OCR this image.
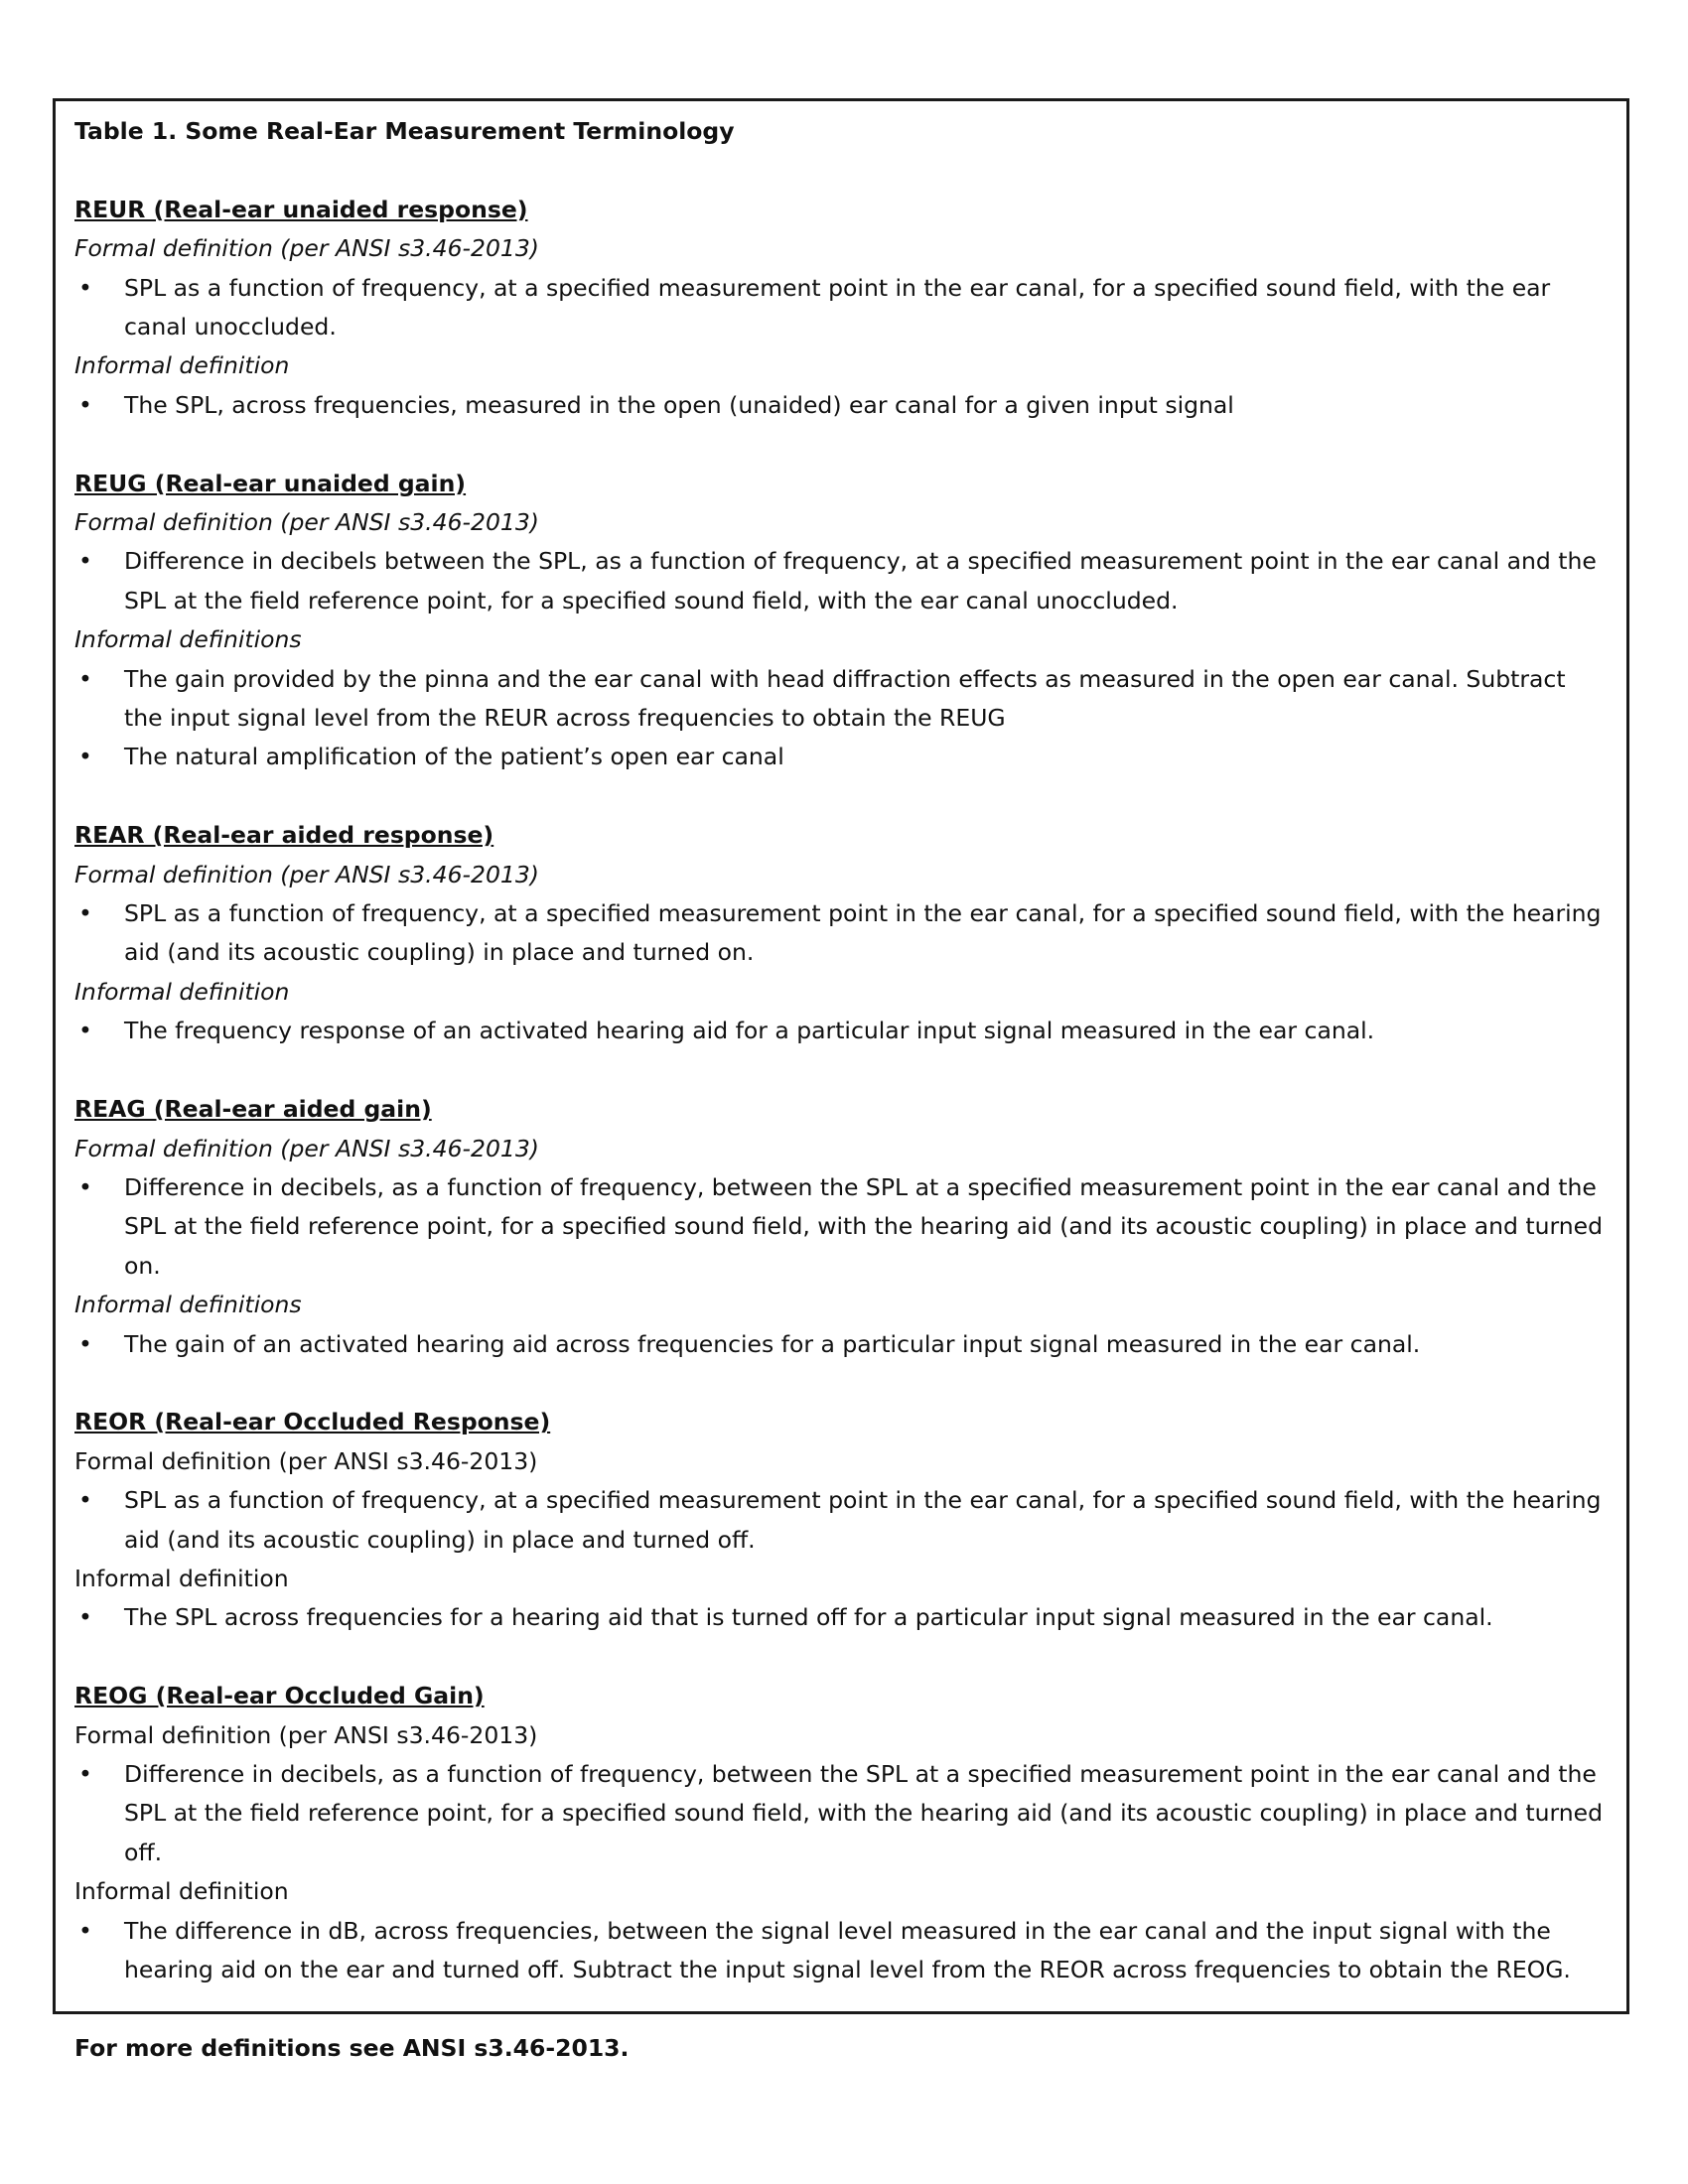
Table 1. Some Real-Ear Measurement Terminology

REUR (Real-ear unaided response)

Formal definition (per ANSI s3.46-2013)

• SPL as a function of frequency, at a specified measurement point in the ear canal, for a specified sound field, with the ear canal unoccluded.

Informal definition

• The SPL, across frequencies, measured in the open (unaided) ear canal for a given input signal

REUG (Real-ear unaided gain)

Formal definition (per ANSI s3.46-2013)

• Difference in decibels between the SPL, as a function of frequency, at a specified measurement point in the ear canal and the SPL at the field reference point, for a specified sound field, with the ear canal unoccluded.

Informal definitions

• The gain provided by the pinna and the ear canal with head diffraction effects as measured in the open ear canal. Subtract the input signal level from the REUR across frequencies to obtain the REUG
• The natural amplification of the patient’s open ear canal

REAR (Real-ear aided response)

Formal definition (per ANSI s3.46-2013)

• SPL as a function of frequency, at a specified measurement point in the ear canal, for a specified sound field, with the hearing aid (and its acoustic coupling) in place and turned on.

Informal definition

• The frequency response of an activated hearing aid for a particular input signal measured in the ear canal.

REAG (Real-ear aided gain)

Formal definition (per ANSI s3.46-2013)

• Difference in decibels, as a function of frequency, between the SPL at a specified measurement point in the ear canal and the SPL at the field reference point, for a specified sound field, with the hearing aid (and its acoustic coupling) in place and turned on.

Informal definitions

• The gain of an activated hearing aid across frequencies for a particular input signal measured in the ear canal.

REOR (Real-ear Occluded Response)

Formal definition (per ANSI s3.46-2013)

• SPL as a function of frequency, at a specified measurement point in the ear canal, for a specified sound field, with the hearing aid (and its acoustic coupling) in place and turned off.

Informal definition

• The SPL across frequencies for a hearing aid that is turned off for a particular input signal measured in the ear canal.

REOG (Real-ear Occluded Gain)

Formal definition (per ANSI s3.46-2013)

• Difference in decibels, as a function of frequency, between the SPL at a specified measurement point in the ear canal and the SPL at the field reference point, for a specified sound field, with the hearing aid (and its acoustic coupling) in place and turned off.

Informal definition

• The difference in dB, across frequencies, between the signal level measured in the ear canal and the input signal with the hearing aid on the ear and turned off. Subtract the input signal level from the REOR across frequencies to obtain the REOG.

For more definitions see ANSI s3.46-2013.
